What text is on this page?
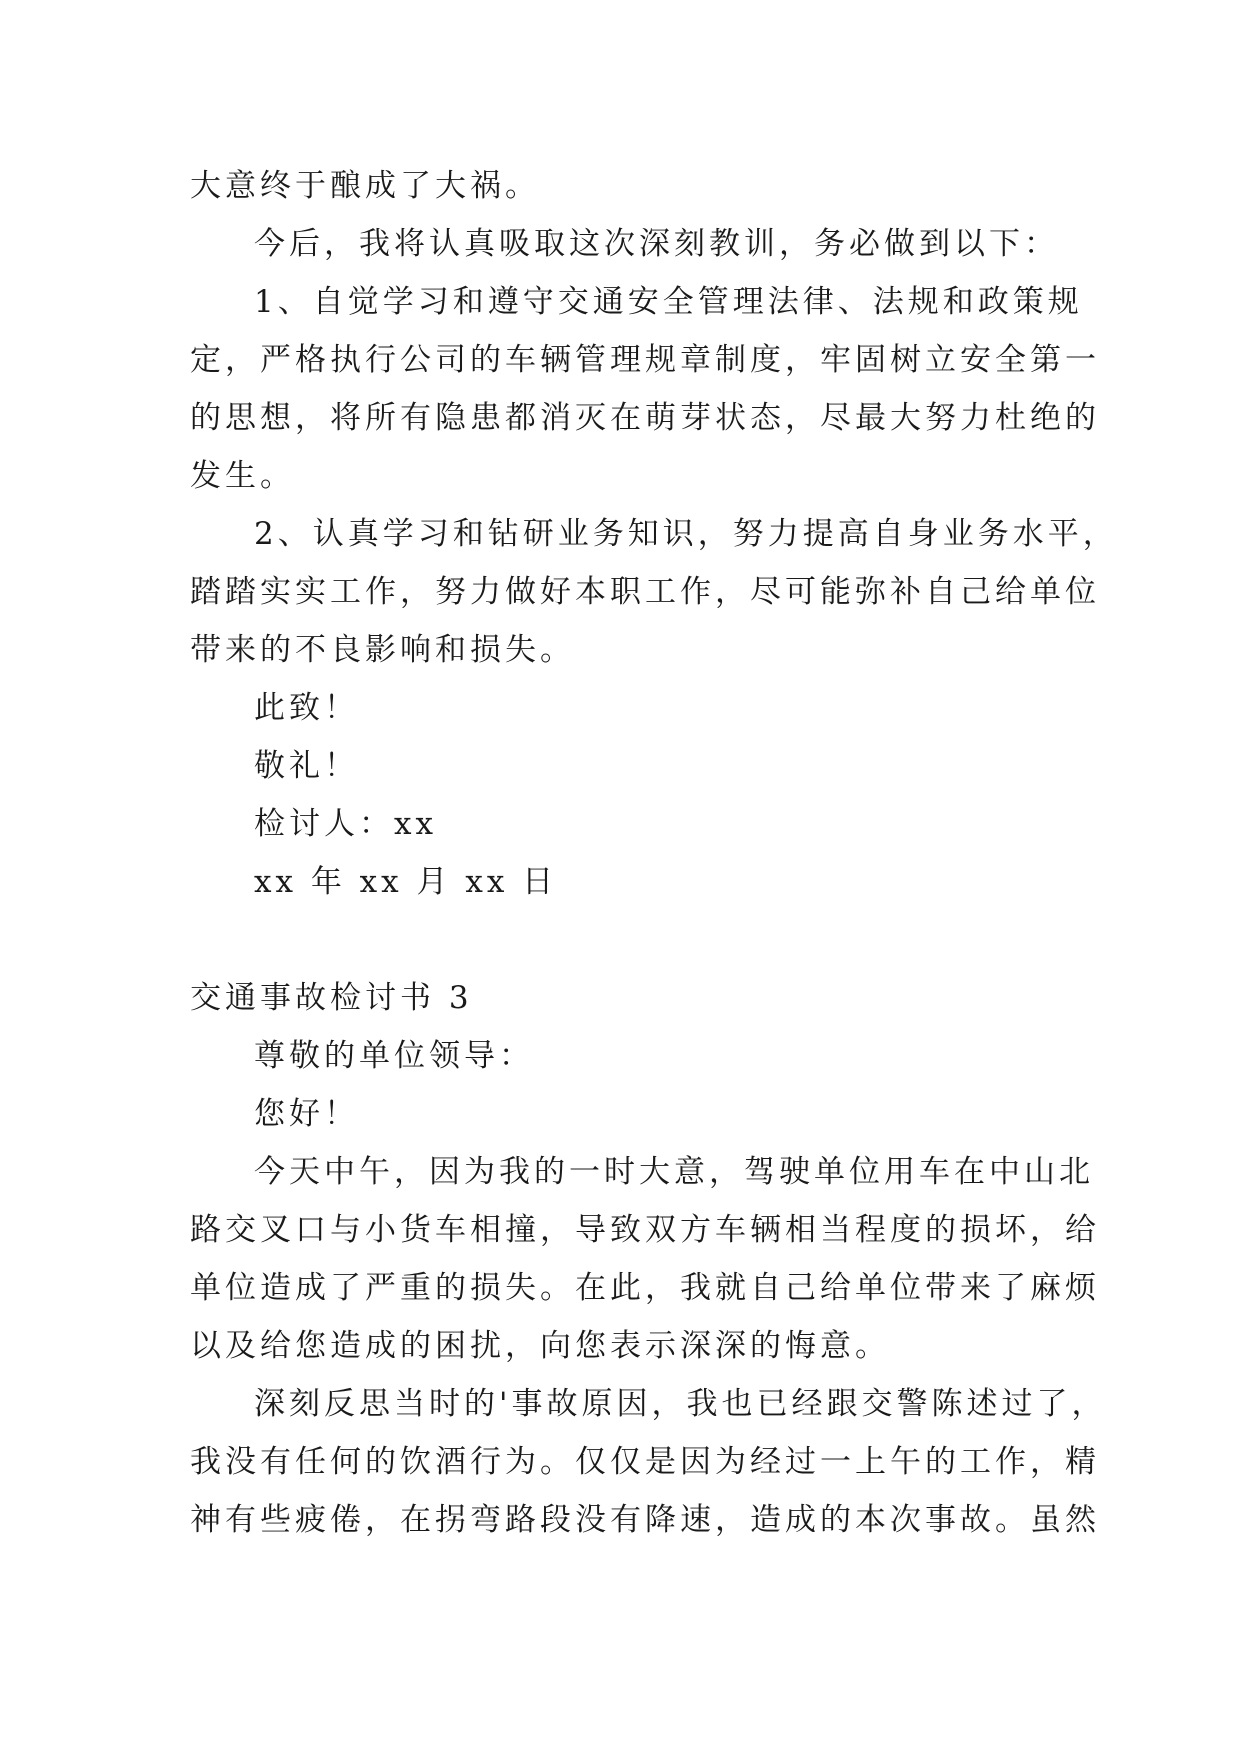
大意终于酿成了大祸。
今后，我将认真吸取这次深刻教训，务必做到以下：
1、自觉学习和遵守交通安全管理法律、法规和政策规
定，严格执行公司的车辆管理规章制度，牢固树立安全第一
的思想，将所有隐患都消灭在萌芽状态，尽最大努力杜绝的
发生。
2、认真学习和钻研业务知识，努力提高自身业务水平，
踏踏实实工作，努力做好本职工作，尽可能弥补自己给单位
带来的不良影响和损失。
此致！
敬礼！
检讨人：xx
xx 年 xx 月 xx 日
交通事故检讨书 3
尊敬的单位领导：
您好！
今天中午，因为我的一时大意，驾驶单位用车在中山北
路交叉口与小货车相撞，导致双方车辆相当程度的损坏，给
单位造成了严重的损失。在此，我就自己给单位带来了麻烦
以及给您造成的困扰，向您表示深深的悔意。
深刻反思当时的'事故原因，我也已经跟交警陈述过了，
我没有任何的饮酒行为。仅仅是因为经过一上午的工作，精
神有些疲倦，在拐弯路段没有降速，造成的本次事故。虽然
